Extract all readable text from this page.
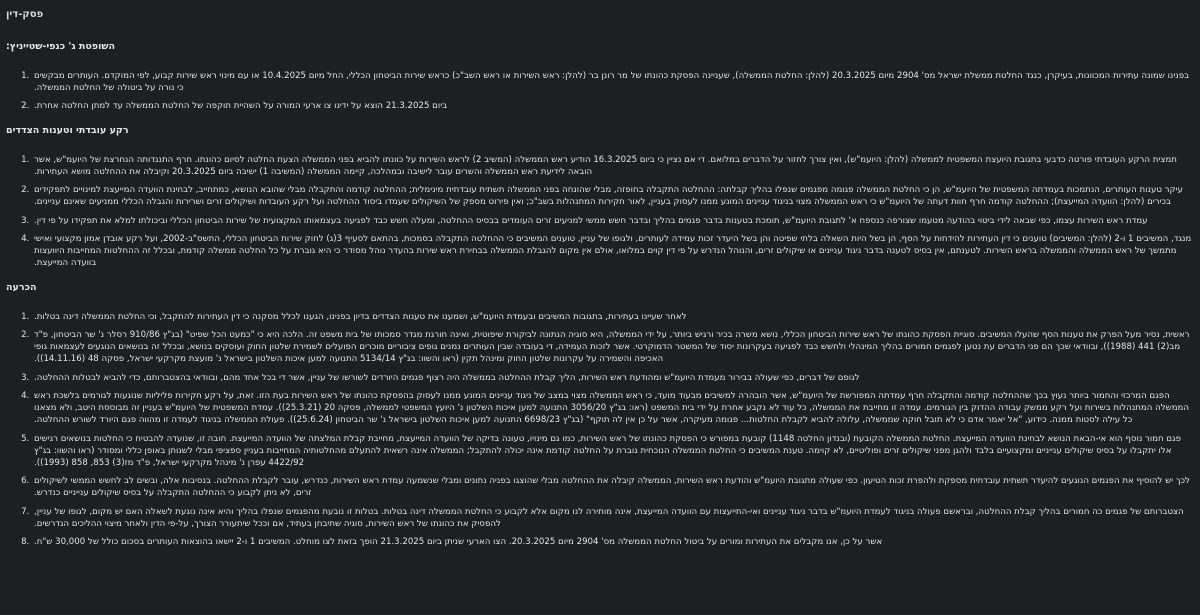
פסק-דין
השופטת ג' כנפי-שטייניץ:
1. בפנינו שמונה עתירות המכוונות, בעיקרן, כנגד החלטת ממשלת ישראל מס' 2904 מיום 20.3.2025 (להלן: החלטת הממשלה), שעניינה הפסקת כהונתו של מר רונן בר (להלן: ראש השירות או ראש השב"כ) כראש שירות הביטחון הכללי, החל מיום 10.4.2025 או עם מינוי ראש שירות קבוע, לפי המוקדם. העותרים מבקשים כי נורה על ביטולה של החלטת הממשלה.
2. ביום 21.3.2025 הוצא על ידינו צו ארעי המורה על השהיית תוקפה של החלטת הממשלה עד למתן החלטה אחרת.
רקע עובדתי וטענות הצדדים
1. תמצית הרקע העובדתי פורטה כדבעי בתגובת היועצת המשפטית לממשלה (להלן: היועמ"ש), ואין צורך לחזור על הדברים במלואם. די אם נציין כי ביום 16.3.2025 הודיע ראש הממשלה (המשיב 2) לראש השירות על כוונתו להביא בפני הממשלה הצעת החלטה לסיום כהונתו. חרף התנגדותה הנחרצת של היועמ"ש, אשר הובאה לידיעת ראש הממשלה והשרים עובר לישיבה ובמהלכה, קיימה הממשלה (המשיבה 1) ישיבה ביום 20.3.2025 וקיבלה את ההחלטה מושא העתירות.
2. עיקר טענות העותרים, הנתמכות בעמדתה המשפטית של היועמ"ש, הן כי החלטת הממשלה פגומה מפגמים שנפלו בהליך קבלתה: ההחלטה התקבלה בחופזה, מבלי שהונחה בפני הממשלה תשתית עובדתית מינימלית; ההחלטה קודמה והתקבלה מבלי שהובא הנושא, כמתחייב, לבחינת הוועדה המייעצת למינויים לתפקידים בכירים (להלן: הוועדה המייעצת); ההחלטה קודמה חרף חוות דעתה של היועמ"ש כי ראש הממשלה מצוי בניגוד עניינים המונע ממנו לעסוק בעניין, לאור חקירות המתנהלות בשב"כ; ואין פירוט מספק של השיקולים שעמדו ביסוד ההחלטה ועל רקע העובדות ושיקולים זרים ושרירות והגבלה הכללי ממניעים שאינם עניינים.
3. עמדת ראש השירות עצמו, כפי שבאה לידי ביטוי בהודעה מטעמו שצורפה כנספח א' לתגובת היועמ"ש, תומכת בטענות בדבר פגמים בהליך ובדבר חשש ממשי למניעים זרים העומדים בבסיס ההחלטה, ומעלה חשש כבד לפגיעה בעצמאותו המקצועית של שירות הביטחון הכללי וביכולתו למלא את תפקידו על פי דין.
4. מנגד, המשיבים 1 ו-2 (להלן: המשיבים) טוענים כי דין העתירות להידחות על הסף, הן בשל היות השאלה בלתי שפיטה והן בשל היעדר זכות עמידה לעותרים, ולגופו של עניין, טוענים המשיבים כי ההחלטה התקבלה בסמכות, בהתאם לסעיף 3(ג) לחוק שירות הביטחון הכללי, התשס"ב-2002, ועל רקע אובדן אמון מקצועי ואישי מתמשך של ראש הממשלה והממשלה בראש השירות. לטענתם, אין בסיס לטענה בדבר ניגוד עניינים או שיקולים זרים, והנוהל הנדרש על פי דין קוים במלואו, אולם אין מקום להגבלת הממשלה בבחירת ראש שירות בהעדר נוהל מסודר כי היא גוברת על כל החלטה ממשלה קודמת, ובכלל זה ההחלטות המחייבות היוועצות בוועדה המייעצת.
הכרעה
1. לאחר שעיינו בעתירות, בתגובות המשיבים ובעמדת היועמ"ש, ושמענו את טענות הצדדים בדיון בפנינו, הגענו לכלל מסקנה כי דין העתירות להתקבל, וכי החלטת הממשלה דינה בטלות.
2. ראשית, נסיר מעל הפרק את טענות הסף שהעלו המשיבים. סוגיית הפסקת כהונתו של ראש שירות הביטחון הכללי, נושא משרה בכיר ורגיש ביותר, על ידי הממשלה, היא סוגיה הנתונה לביקורת שיפוטית, ואינה חורגת מגדר סמכותו של בית משפט זה. הלכה היא כי "כמעט הכל שפיט" (בג"ץ 910/86 רסלר נ' שר הביטחון, פ"ד מב(2) 441 (1988)), ובוודאי שכך הם פני הדברים עת נטען לפגמים חמורים בהליך המינהלי ולחשש כבד לפגיעה בעקרונות יסוד של המשטר הדמוקרטי. אשר לזכות העמידה, די בעובדה שבין העותרים נמנים גופים ציבוריים מוכרים הפועלים לשמירת שלטון החוק ועוסקים בנושא, ובכלל זה בנושאים הנוגעים לעצמאות גופי האכיפה והשמירה על עקרונות שלטון החוק ומינהל תקין (ראו והשוו: בג"ץ 5134/14 התנועה למען איכות השלטון בישראל נ' מועצת מקרקעי ישראל, פסקה 48 (14.11.16)).
3. לגופם של דברים, כפי שעולה בבירור מעמדת היועמ"ש ומהודעת ראש השירות, הליך קבלת ההחלטה בממשלה היה רצוף פגמים היורדים לשורשו של עניין, אשר די בכל אחד מהם, ובוודאי בהצטברותם, כדי להביא לבטלות ההחלטה.
4. הפגם המרכזי והחמור ביותר נעוץ בכך שההחלטה קודמה והתקבלה חרף עמדתה המפורשת של היועמ"ש, אשר הובהרה למשיבים מבעוד מועד, כי ראש הממשלה מצוי במצב של ניגוד עניינים המונע ממנו לעסוק בהפסקת כהונתו של ראש השירות בעת הזו. זאת, על רקע חקירות פליליות שנוגעות לגורמים בלשכת ראש הממשלה המתנהלות בשירות ועל רקע ממשק עבודה ההדוק בין הגורמים. עמדה זו מחייבת את הממשלה, כל עוד לא נקבע אחרת על ידי בית המשפט (ראו: בג"ץ 3056/20 התנועה למען איכות השלטון נ' היועץ המשפטי לממשלה, פסקה 20 (25.3.21)). עמדת המשפטית של היועמ"ש בעניין זה מבוססת היטב, ולא מצאנו כל עילה לסטות ממנה. כידוע, "אל יאמר אדם כי לא תובל חוקה שממשלה, עלולה להביא לקבלת החלטות... פגומה מעיקרה, אשר על כן אין לה תוקף" (בג"ץ 6698/23 התנועה למען איכות השלטון בישראל נ' שר הביטחון (25.6.24)). פעולת הממשלה בניגוד לעמדה זו מהווה פגם היורד לשורש ההחלטה.
5. פגם חמור נוסף הוא אי-הבאת הנושא לבחינת הוועדה המייעצת. החלטת הממשלה הקובעת (ובנדון החלטה 1148) קובעת במפורש כי הפסקת כהונתו של ראש השירות, כמו גם מינויו, טעונה בדיקה של הוועדה המייעצת, מחייבת קבלת המלצתה של הוועדה המייעצת. חובה זו, שנועדה להבטיח כי החלטות בנושאים רגישים אלו יתקבלו על בסיס שיקולים ענייניים ומקצועיים בלבד ולהגן מפני שיקולים זרים ופוליטיים, לא קוימה. טענת המשיבים כי החלטת הממשלה הנוכחית גוברת על החלטה קודמת אינה יכולה להתקבל; הממשלה אינה רשאית להתעלם מהחלטותיה המחייבות בעניין ספציפי מבלי לשנותן באופן כללי ומסודר (ראו והשוו: בג"ץ 4422/92 עפרן נ' מינהל מקרקעי ישראל, פ"ד מז(3) 853, 858 (1993)).
6. לכך יש להוסיף את הפגמים הנוגעים להיעדר תשתית עובדתית מספקת ולהפרת זכות הטיעון. כפי שעולה מתגובת היועמ"ש והודעת ראש השירות, הממשלה קיבלה את ההחלטה מבלי שהוצגו בפניה נתונים ומבלי שנשמעה עמדת ראש השירות, כנדרש, עובר לקבלת ההחלטה. בנסיבות אלה, ובשים לב לחשש הממשי לשיקולים זרים, לא ניתן לקבוע כי ההחלטה התקבלה על בסיס שיקולים ענייניים כנדרש.
7. הצטברותם של פגמים כה חמורים בהליך קבלת ההחלטה, ובראשם פעולה בניגוד לעמדת היועמ"ש בדבר ניגוד עניינים ואי-התייעצות עם הוועדה המייעצת, אינה מותירה לנו מקום אלא לקבוע כי החלטת הממשלה דינה בטלות. בטלות זו נובעת מהפגמים שנפלו בהליך והיא אינה נוגעת לשאלה האם יש מקום, לגופו של עניין, להפסיק את כהונתו של ראש השירות, סוגיה שתיבחן בעתיד, אם וככל שיתעורר הצורך, על-פי הדין ולאחר מיצוי ההליכים הנדרשים.
8. אשר על כן, אנו מקבלים את העתירות ומורים על ביטול החלטת הממשלה מס' 2904 מיום 20.3.2025. הצו הארעי שניתן ביום 21.3.2025 הופך בזאת לצו מוחלט. המשיבים 1 ו-2 יישאו בהוצאות העותרים בסכום כולל של 30,000 ש"ח.
